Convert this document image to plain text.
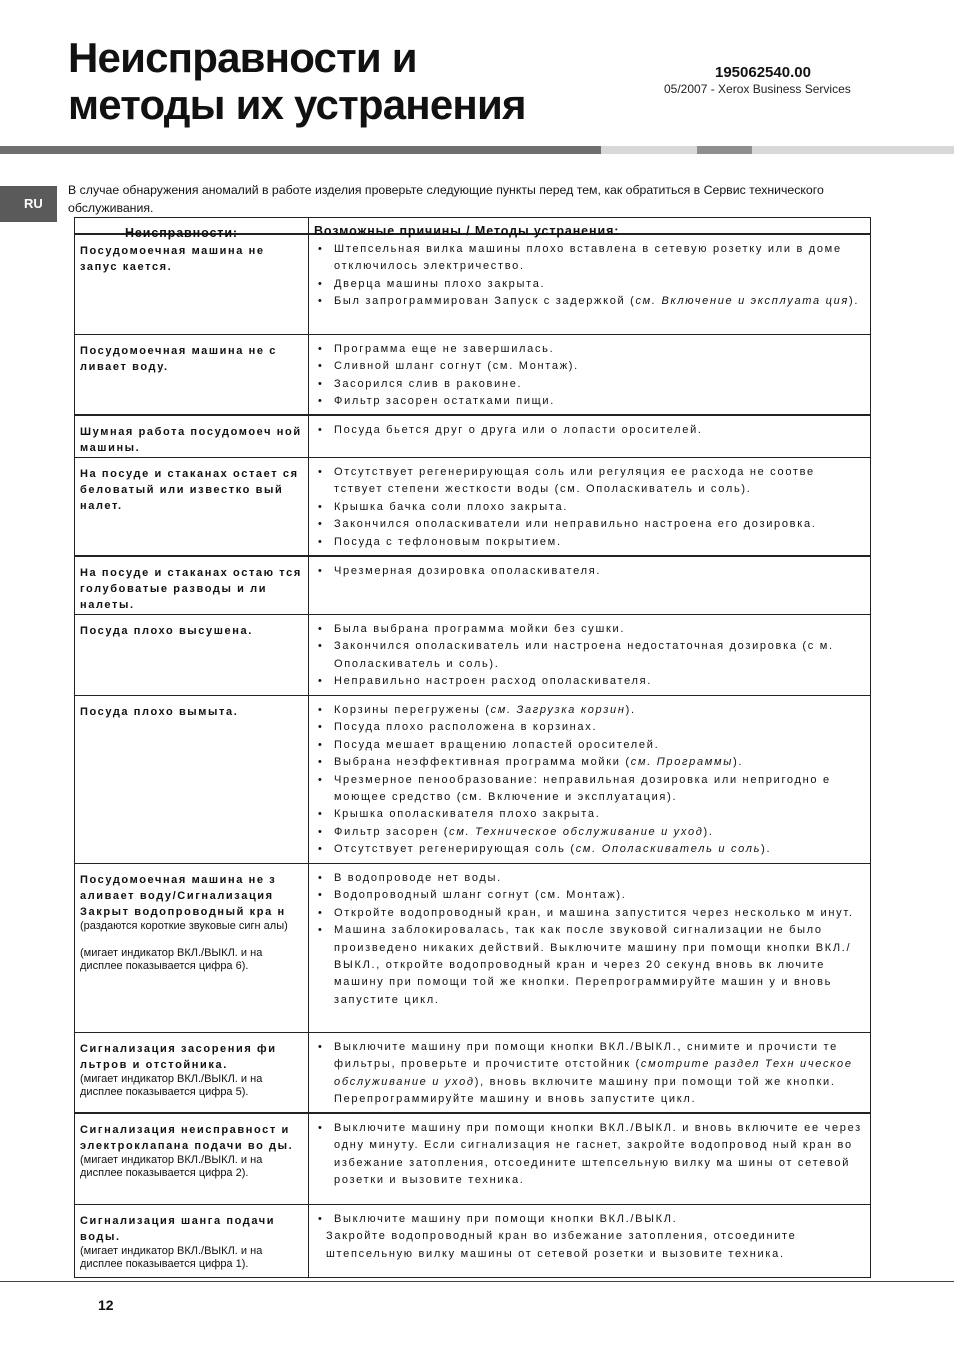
Неисправности и
методы их устранения
195062540.00
05/2007 - Xerox Business Services
RU

В случае обнаружения аномалий в работе изделия проверьте следующие пункты перед тем, как обратиться в Сервис технического обслуживания.

Неисправности:	Возможные причины / Методы устранения:
Посудомоечная машина не запус кается.
• Штепсельная вилка машины плохо вставлена в сетевую розетку или в доме отключилось электричество.
• Дверца машины плохо закрыта.
• Был запрограммирован Запуск с задержкой (см. Включение и эксплуата ция).
Посудомоечная машина не с ливает воду.
• Программа еще не завершилась.
• Сливной шланг согнут (см. Монтаж).
• Засорился слив в раковине.
• Фильтр засорен остатками пищи.
Шумная работа посудомоеч ной машины.
• Посуда бьется друг о друга или о лопасти оросителей.
На посуде и стаканах остает ся беловатый или известко вый налет.
• Отсутствует регенерирующая соль или регуляция ее расхода не соотве тствует степени жесткости воды (см. Ополаскиватель и соль).
• Крышка бачка соли плохо закрыта.
• Закончился ополаскиватели или неправильно настроена его дозировка.
• Посуда с тефлоновым покрытием.
На посуде и стаканах остаю тся голубоватые разводы и ли налеты.
• Чрезмерная дозировка ополаскивателя.
Посуда плохо высушена.	• Была выбрана программа мойки без сушки.
• Закончился ополаскиватель или настроена недостаточная дозировка (с м. Ополаскиватель и соль).
• Неправильно настроен расход ополаскивателя.
Посуда плохо вымыта.	• Корзины перегружены (см. Загрузка корзин).
• Посуда плохо расположена в корзинах.
• Посуда мешает вращению лопастей оросителей.
• Выбрана неэффективная программа мойки (см. Программы).
• Чрезмерное пенообразование: неправильная дозировка или непригодно е моющее средство (см. Включение и эксплуатация).
• Крышка ополаскивателя плохо закрыта.
• Фильтр засорен (см. Техническое обслуживание и уход).
• Отсутствует регенерирующая соль (см. Ополаскиватель и соль).
Посудомоечная машина не з аливает воду/Сигнализация Закрыт водопроводный кра н
(раздаются короткие звуковые сигн алы)
(мигает индикатор ВКЛ./ВЫКЛ. и на дисплее показывается цифра 6).
• В водопроводе нет воды.
• Водопроводный шланг согнут (см. Монтаж).
• Откройте водопроводный кран, и машина запустится через несколько м инут.
• Машина заблокировалась, так как после звуковой сигнализации не было произведено никаких действий. Выключите машину при помощи кнопки ВКЛ./ВЫКЛ., откройте водопроводный кран и через 20 секунд вновь вк лючите машину при помощи той же кнопки. Перепрограммируйте машин у и вновь запустите цикл.
Сигнализация засорения фи льтров и отстойника.
(мигает индикатор ВКЛ./ВЫКЛ. и на дисплее показывается цифра 5).
• Выключите машину при помощи кнопки ВКЛ./ВЫКЛ., снимите и прочисти те фильтры, проверьте и прочистите отстойник (смотрите раздел Техн ическое обслуживание и уход), вновь включите машину при помощи той же кнопки. Перепрограммируйте машину и вновь запустите цикл.
Сигнализация неисправност и электроклапана подачи во ды.
(мигает индикатор ВКЛ./ВЫКЛ. и на дисплее показывается цифра 2).
• Выключите машину при помощи кнопки ВКЛ./ВЫКЛ. и вновь включите ее через одну минуту. Если сигнализация не гаснет, закройте водопровод ный кран во избежание затопления, отсоедините штепсельную вилку ма шины от сетевой розетки и вызовите техника.
Сигнализация шанга подачи воды.
(мигает индикатор ВКЛ./ВЫКЛ. и на дисплее показывается цифра 1).
• Выключите машину при помощи кнопки ВКЛ./ВЫКЛ.
Закройте водопроводный кран во избежание затопления, отсоедините штепсельную вилку машины от сетевой розетки и вызовите техника.
12
